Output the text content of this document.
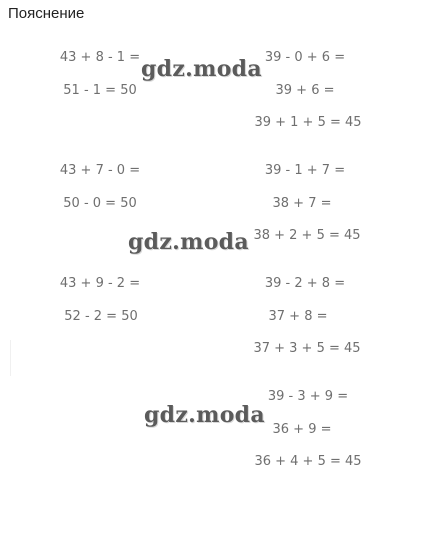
Пояснение
43 + 8 - 1 =
51 - 1 = 50
39 - 0 + 6 =
39 + 6 =
39 + 1 + 5 = 45
43 + 7 - 0 =
50 - 0 = 50
39 - 1 + 7 =
38 + 7 =
38 + 2 + 5 = 45
43 + 9 - 2 =
52 - 2 = 50
39 - 2 + 8 =
37 + 8 =
37 + 3 + 5 = 45
39 - 3 + 9 =
36 + 9 =
36 + 4 + 5 = 45
gdz.moda
gdz.moda
gdz.moda
